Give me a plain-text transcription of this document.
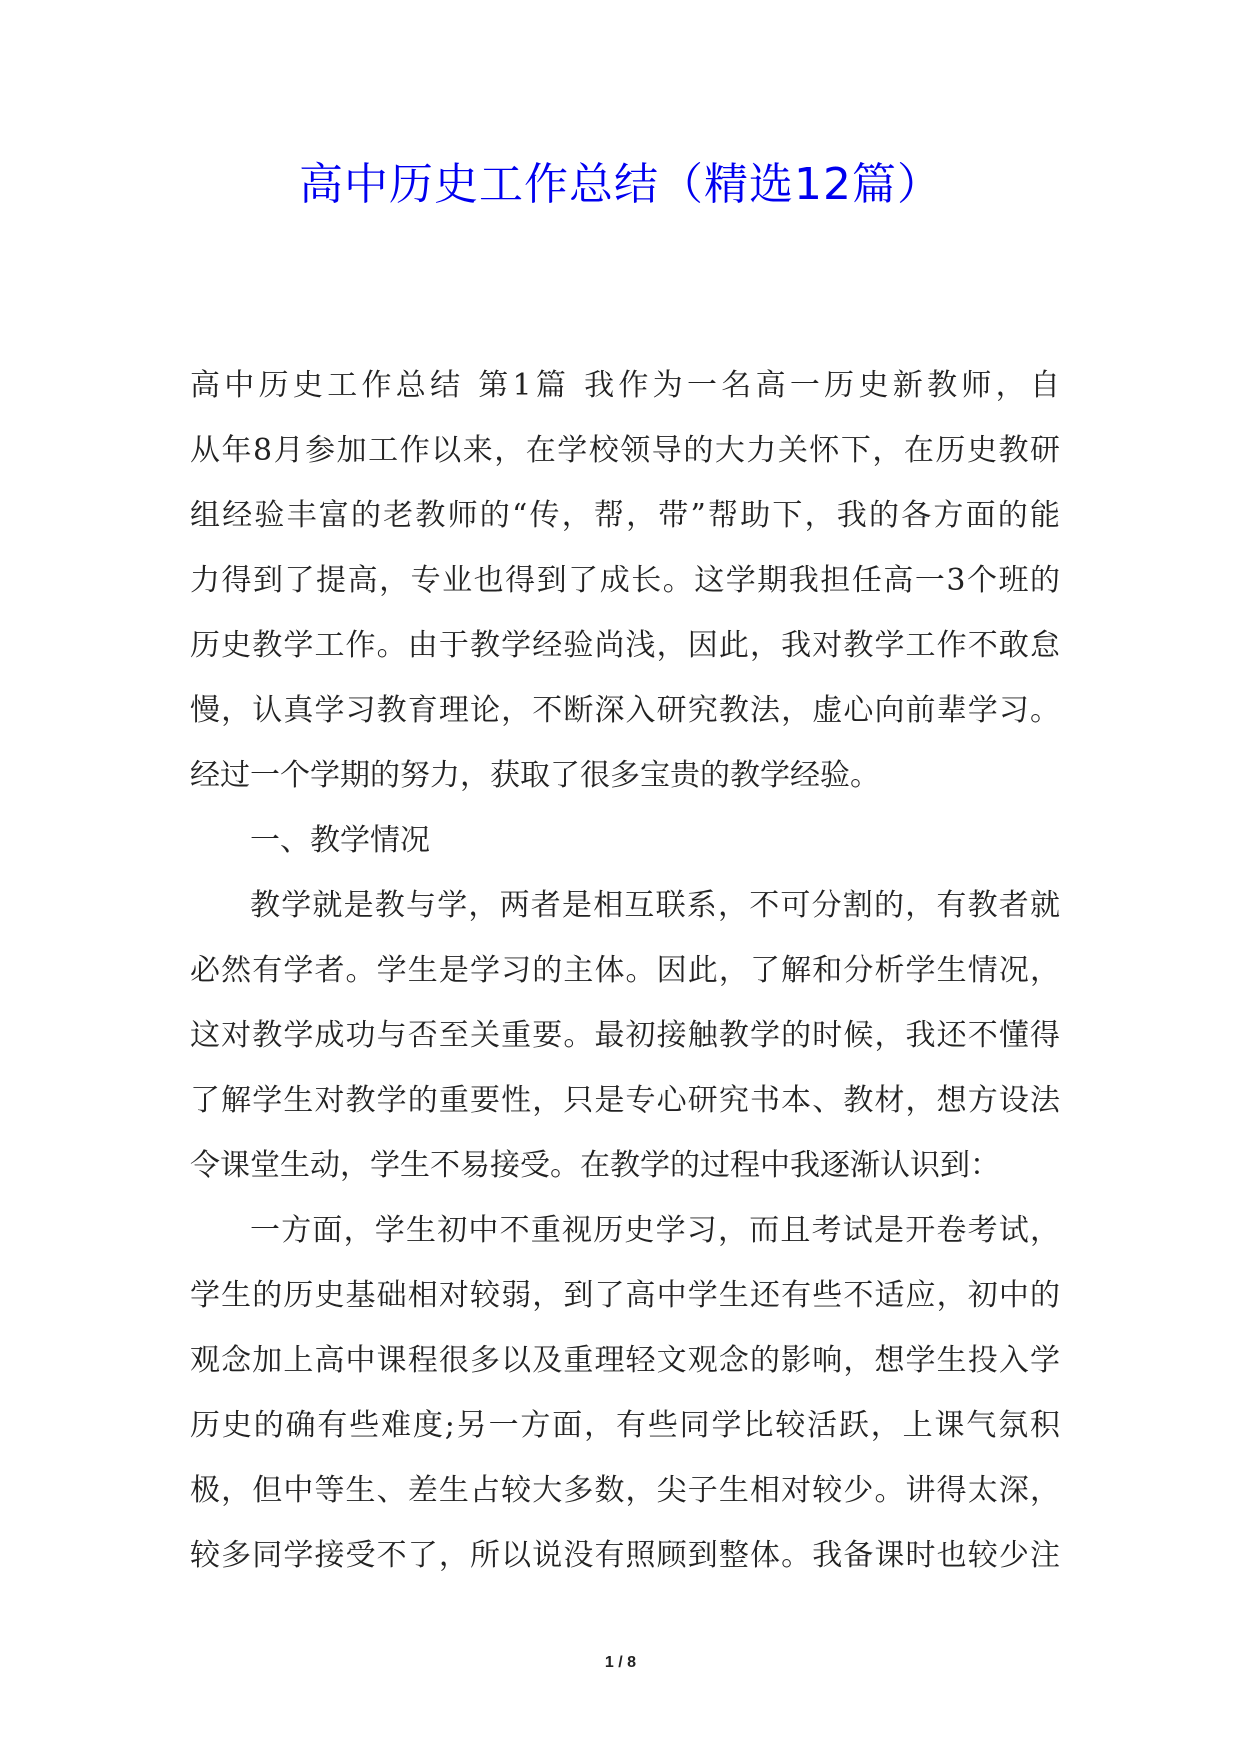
高中历史工作总结（精选12篇）
高中历史工作总结 第1篇 我作为一名高一历史新教师，自
从年8月参加工作以来，在学校领导的大力关怀下，在历史教研
组经验丰富的老教师的“传，帮，带”帮助下，我的各方面的能
力得到了提高，专业也得到了成长。这学期我担任高一3个班的
历史教学工作。由于教学经验尚浅，因此，我对教学工作不敢怠
慢，认真学习教育理论，不断深入研究教法，虚心向前辈学习。
经过一个学期的努力，获取了很多宝贵的教学经验。
一、教学情况
教学就是教与学，两者是相互联系，不可分割的，有教者就
必然有学者。学生是学习的主体。因此，了解和分析学生情况，
这对教学成功与否至关重要。最初接触教学的时候，我还不懂得
了解学生对教学的重要性，只是专心研究书本、教材，想方设法
令课堂生动，学生不易接受。在教学的过程中我逐渐认识到：
一方面，学生初中不重视历史学习，而且考试是开卷考试，
学生的历史基础相对较弱，到了高中学生还有些不适应，初中的
观念加上高中课程很多以及重理轻文观念的影响，想学生投入学
历史的确有些难度;另一方面，有些同学比较活跃，上课气氛积
极，但中等生、差生占较大多数，尖子生相对较少。讲得太深，
较多同学接受不了，所以说没有照顾到整体。我备课时也较少注
1 / 8
